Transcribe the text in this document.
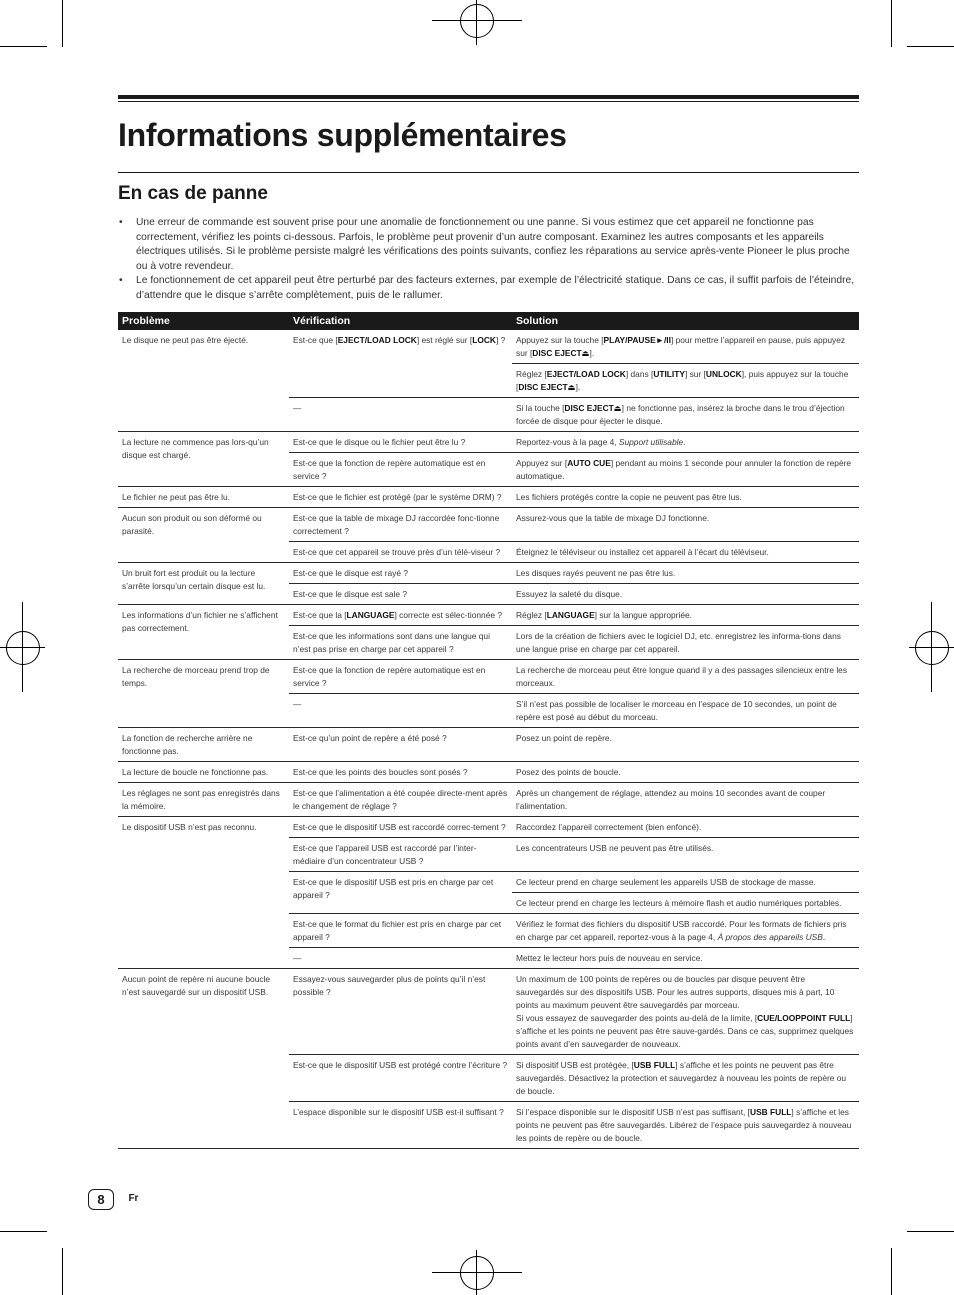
Informations supplémentaires
En cas de panne
• Une erreur de commande est souvent prise pour une anomalie de fonctionnement ou une panne. Si vous estimez que cet appareil ne fonctionne pas correctement, vérifiez les points ci-dessous. Parfois, le problème peut provenir d’un autre composant. Examinez les autres composants et les appareils électriques utilisés. Si le problème persiste malgré les vérifications des points suivants, confiez les réparations au service après-vente Pioneer le plus proche ou à votre revendeur.
• Le fonctionnement de cet appareil peut être perturbé par des facteurs externes, par exemple de l’électricité statique. Dans ce cas, il suffit parfois de l’éteindre, d’attendre que le disque s’arrête complètement, puis de le rallumer.
Problème	Vérification	Solution
Le disque ne peut pas être éjecté.	Est-ce que [EJECT/LOAD LOCK] est réglé sur [LOCK] ?	Appuyez sur la touche [PLAY/PAUSE►/II] pour mettre l’appareil en pause, puis appuyez sur [DISC EJECT⏏].
		Réglez [EJECT/LOAD LOCK] dans [UTILITY] sur [UNLOCK], puis appuyez sur la touche [DISC EJECT⏏].
	—	Si la touche [DISC EJECT⏏] ne fonctionne pas, insérez la broche dans le trou d’éjection forcée de disque pour éjecter le disque.
La lecture ne commence pas lors-qu’un disque est chargé.	Est-ce que le disque ou le fichier peut être lu ?	Reportez-vous à la page 4, Support utilisable.
	Est-ce que la fonction de repère automatique est en service ?	Appuyez sur [AUTO CUE] pendant au moins 1 seconde pour annuler la fonction de repère automatique.
Le fichier ne peut pas être lu.	Est-ce que le fichier est protégé (par le système DRM) ?	Les fichiers protégés contre la copie ne peuvent pas être lus.
Aucun son produit ou son déformé ou parasité.	Est-ce que la table de mixage DJ raccordée fonc-tionne correctement ?	Assurez-vous que la table de mixage DJ fonctionne.
	Est-ce que cet appareil se trouve près d’un télé-viseur ?	Éteignez le téléviseur ou installez cet appareil à l’écart du téléviseur.
Un bruit fort est produit ou la lecture s’arrête lorsqu’un certain disque est lu.	Est-ce que le disque est rayé ?	Les disques rayés peuvent ne pas être lus.
	Est-ce que le disque est sale ?	Essuyez la saleté du disque.
Les informations d’un fichier ne s’affichent pas correctement.	Est-ce que la [LANGUAGE] correcte est sélec-tionnée ?	Réglez [LANGUAGE] sur la langue appropriée.
	Est-ce que les informations sont dans une langue qui n’est pas prise en charge par cet appareil ?	Lors de la création de fichiers avec le logiciel DJ, etc. enregistrez les informa-tions dans une langue prise en charge par cet appareil.
La recherche de morceau prend trop de temps.	Est-ce que la fonction de repère automatique est en service ?	La recherche de morceau peut être longue quand il y a des passages silencieux entre les morceaux.
	—	S’il n’est pas possible de localiser le morceau en l’espace de 10 secondes, un point de repère est posé au début du morceau.
La fonction de recherche arrière ne fonctionne pas.	Est-ce qu’un point de repère a été posé ?	Posez un point de repère.
La lecture de boucle ne fonctionne pas.	Est-ce que les points des boucles sont posés ?	Posez des points de boucle.
Les réglages ne sont pas enregistrés dans la mémoire.	Est-ce que l’alimentation a été coupée directe-ment après le changement de réglage ?	Après un changement de réglage, attendez au moins 10 secondes avant de couper l’alimentation.
Le dispositif USB n’est pas reconnu.	Est-ce que le dispositif USB est raccordé correc-tement ?	Raccordez l’appareil correctement (bien enfoncé).
	Est-ce que l’appareil USB est raccordé par l’inter-médiaire d’un concentrateur USB ?	Les concentrateurs USB ne peuvent pas être utilisés.
	Est-ce que le dispositif USB est pris en charge par cet appareil ?	Ce lecteur prend en charge seulement les appareils USB de stockage de masse.
		Ce lecteur prend en charge les lecteurs à mémoire flash et audio numériques portables.
	Est-ce que le format du fichier est pris en charge par cet appareil ?	Vérifiez le format des fichiers du dispositif USB raccordé. Pour les formats de fichiers pris en charge par cet appareil, reportez-vous à la page 4, À propos des appareils USB.
	—	Mettez le lecteur hors puis de nouveau en service.
Aucun point de repère ni aucune boucle n’est sauvegardé sur un dispositif USB.	Essayez-vous sauvegarder plus de points qu’il n’est possible ?	Un maximum de 100 points de repères ou de boucles par disque peuvent être sauvegardés sur des dispositifs USB. Pour les autres supports, disques mis à part, 10 points au maximum peuvent être sauvegardés par morceau.
Si vous essayez de sauvegarder des points au-delà de la limite, [CUE/LOOPPOINT FULL] s’affiche et les points ne peuvent pas être sauve-gardés. Dans ce cas, supprimez quelques points avant d’en sauvegarder de nouveaux.
	Est-ce que le dispositif USB est protégé contre l’écriture ?	Si dispositif USB est protégée, [USB FULL] s’affiche et les points ne peuvent pas être sauvegardés. Désactivez la protection et sauvegardez à nouveau les points de repère ou de boucle.
	L’espace disponible sur le dispositif USB est-il suffisant ?	Si l’espace disponible sur le dispositif USB n’est pas suffisant, [USB FULL] s’affiche et les points ne peuvent pas être sauvegardés. Libérez de l’espace puis sauvegardez à nouveau les points de repère ou de boucle.
8 Fr
